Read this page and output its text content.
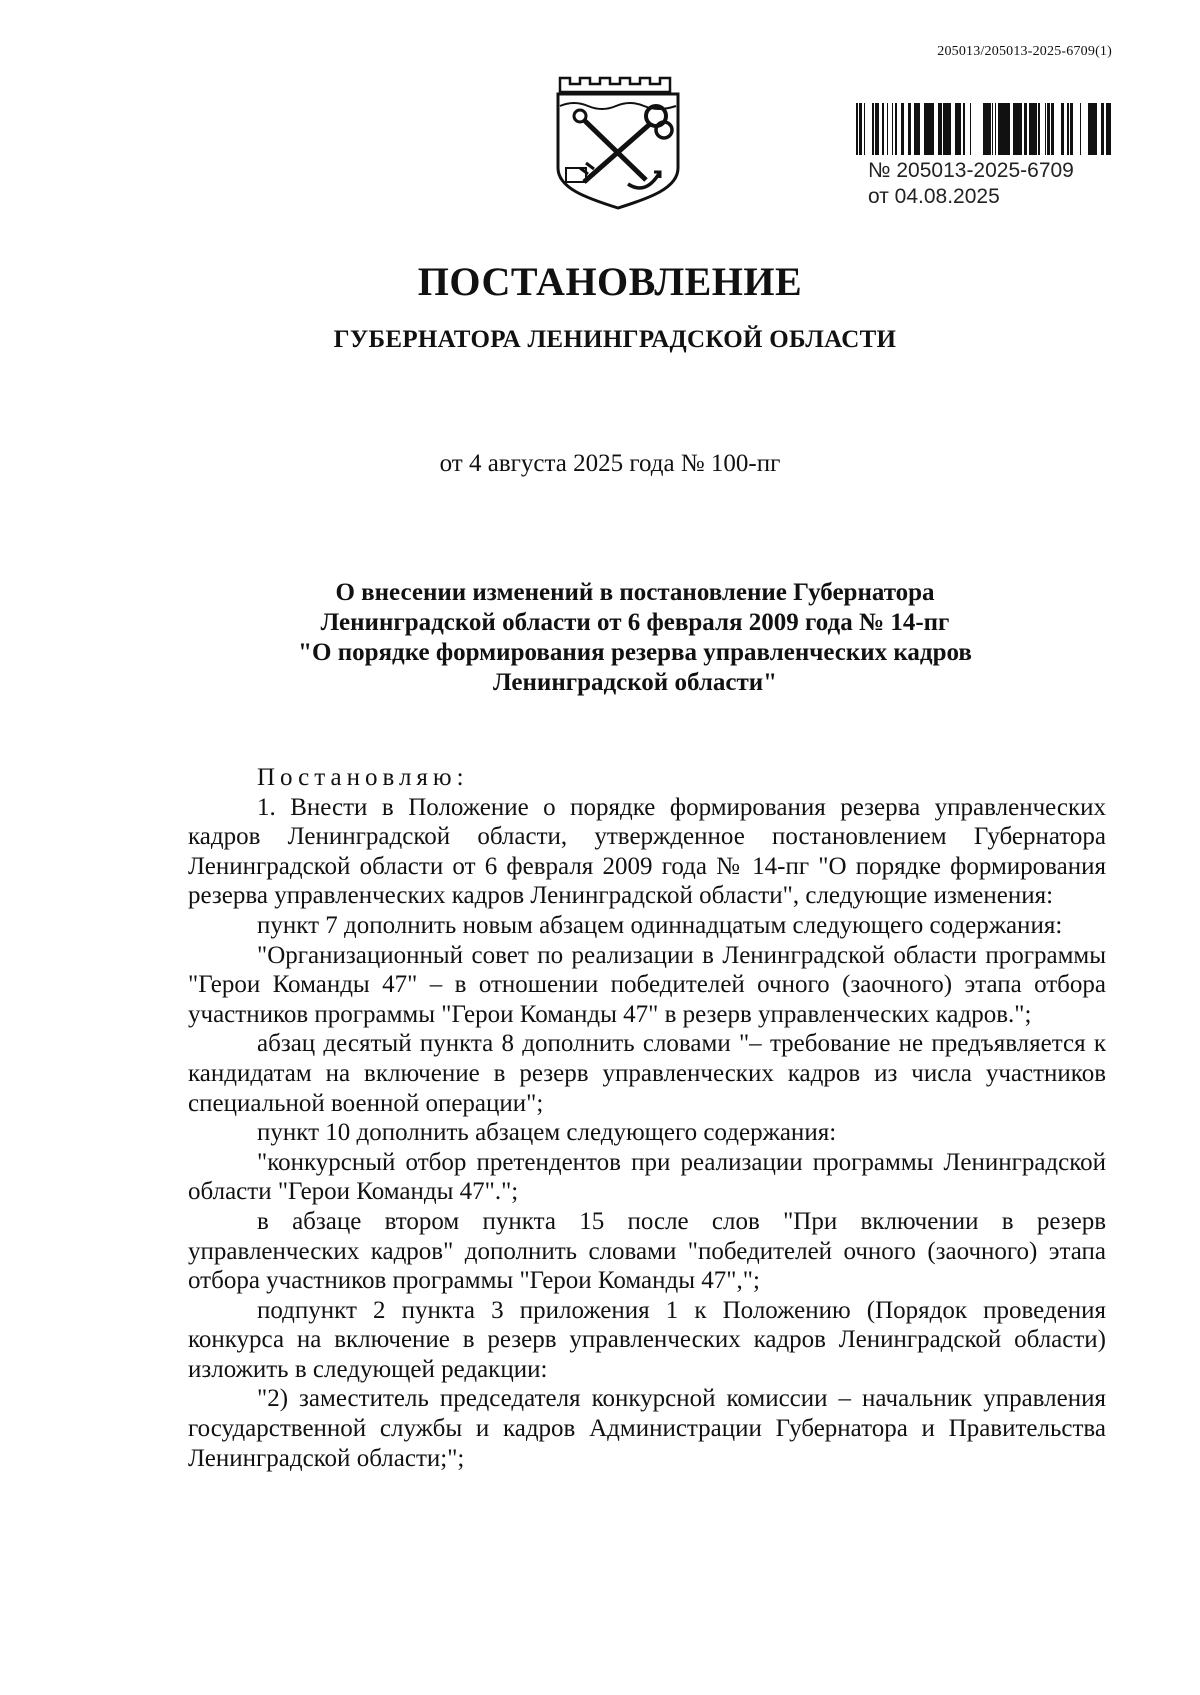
205013/205013-2025-6709(1)
№ 205013-2025-6709
от 04.08.2025
ПОСТАНОВЛЕНИЕ
ГУБЕРНАТОРА ЛЕНИНГРАДСКОЙ ОБЛАСТИ
от 4 августа 2025 года № 100-пг
О внесении изменений в постановление Губернатора
Ленинградской области от 6 февраля 2009 года № 14-пг
"О порядке формирования резерва управленческих кадров
Ленинградской области"

Постановляю:

1. Внести в Положение о порядке формирования резерва управленческих кадров Ленинградской области, утвержденное постановлением Губернатора Ленинградской области от 6 февраля 2009 года № 14-пг "О порядке формирования резерва управленческих кадров Ленинградской области", следующие изменения:

пункт 7 дополнить новым абзацем одиннадцатым следующего содержания:

"Организационный совет по реализации в Ленинградской области программы "Герои Команды 47" – в отношении победителей очного (заочного) этапа отбора участников программы "Герои Команды 47" в резерв управленческих кадров.";

абзац десятый пункта 8 дополнить словами "– требование не предъявляется к кандидатам на включение в резерв управленческих кадров из числа участников специальной военной операции";

пункт 10 дополнить абзацем следующего содержания:

"конкурсный отбор претендентов при реализации программы Ленинградской области "Герои Команды 47".";

в абзаце втором пункта 15 после слов "При включении в резерв управленческих кадров" дополнить словами "победителей очного (заочного) этапа отбора участников программы "Герои Команды 47",";

подпункт 2 пункта 3 приложения 1 к Положению (Порядок проведения конкурса на включение в резерв управленческих кадров Ленинградской области) изложить в следующей редакции:

"2) заместитель председателя конкурсной комиссии – начальник управления государственной службы и кадров Администрации Губернатора и Правительства Ленинградской области;";
